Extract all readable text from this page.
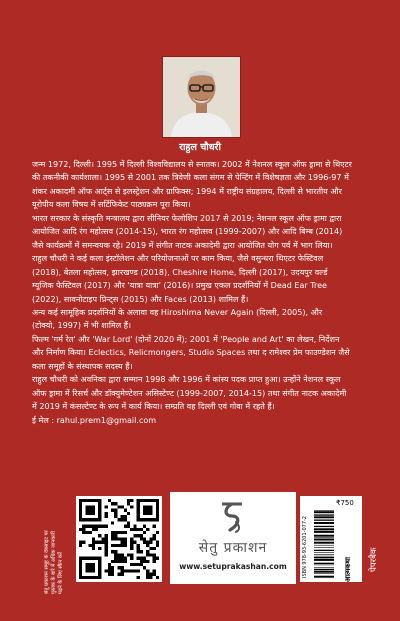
राहुल चौधरी
जन्म 1972, दिल्ली। 1995 में दिल्ली विश्वविद्यालय से स्नातक। 2002 में नेशनल स्कूल ऑफ ड्रामा से थिएटर
की तकनीकी कार्यशाला। 1995 से 2001 तक त्रिवेणी कला संगम से पेन्टिंग में विशेषज्ञता और 1996-97 में
शंकर अकादमी ऑफ आर्ट्स से इलस्ट्रेशन और ग्राफिक्स; 1994 में राष्ट्रीय संग्रहालय, दिल्ली से भारतीय और
यूरोपीय कला विषय में सर्टिफिकेट पाठ्यक्रम पूरा किया।
भारत सरकार के संस्कृति मन्त्रालय द्वारा सीनियर फेलोशिप 2017 से 2019; नेशनल स्कूल ऑफ ड्रामा द्वारा
आयोजित आदि रंग महोत्सव (2014-15), भारत रंग महोत्सव (1999-2007) और आदि बिम्ब (2014)
जैसे कार्यक्रमों में समन्वयक रहे। 2019 में संगीत नाटक अकादेमी द्वारा आयोजित योग पर्व में भाग लिया।
राहुल चौधरी ने कई कला इंस्टॉलेशन और परियोजनाओं पर काम किया, जैसे वसुन्धरा थिएटर फेस्टिवल
(2018), बेतला महोत्सव, झारखण्ड (2018), Cheshire Home, दिल्ली (2017), उदयपुर वर्ल्ड
म्यूजिक फेस्टिवल (2017) और 'यात्रा यात्रा' (2016)। प्रमुख एकल प्रदर्शनियों में Dead Ear Tree
(2022), सावनोटाइप प्रिन्ट्स (2015) और Faces (2013) शामिल हैं।
अन्य कई सामूहिक प्रदर्शनियों के अलावा वह Hiroshima Never Again (दिल्ली, 2005), और
(टोक्यो, 1997) में भी शामिल हैं।
फिल्म 'गर्म रेत' और 'War Lord' (दोनों 2020 में); 2001 में 'People and Art' का लेखन, निर्देशन
और निर्माण किया। Eclectics, Relicmongers, Studio Spaces तथा द रामेश्वर प्रेम फाउण्डेशन जैसे
कला समूहों के संस्थापक सदस्य हैं।
राहुल चौधरी को अवनिका द्वारा सम्मान 1998 और 1996 में कांस्य पदक प्राप्त हुआ। उन्होंने नेशनल स्कूल
ऑफ ड्रामा में रिसर्च और डॉक्युमेण्टेशन असिस्टेण्ट (1999-2007, 2014-15) तथा संगीत नाटक अकादेमी
में 2019 में कंसल्टेण्ट के रूप में कार्य किया। सम्प्रति वह दिल्ली एवं गोवा में रहते हैं।
ई मेल : rahul.prem1@gmail.com
सेतु प्रकाशन समूह के वेबसाइट पर पुस्तक के बारे में अधिक जानकारी पढ़ने के लिए स्कैन करें
सेतु प्रकाशन
www.setuprakashan.com
₹750
ISBN 978-93-6201-077-2	आत्मकथा पेपरबैक
